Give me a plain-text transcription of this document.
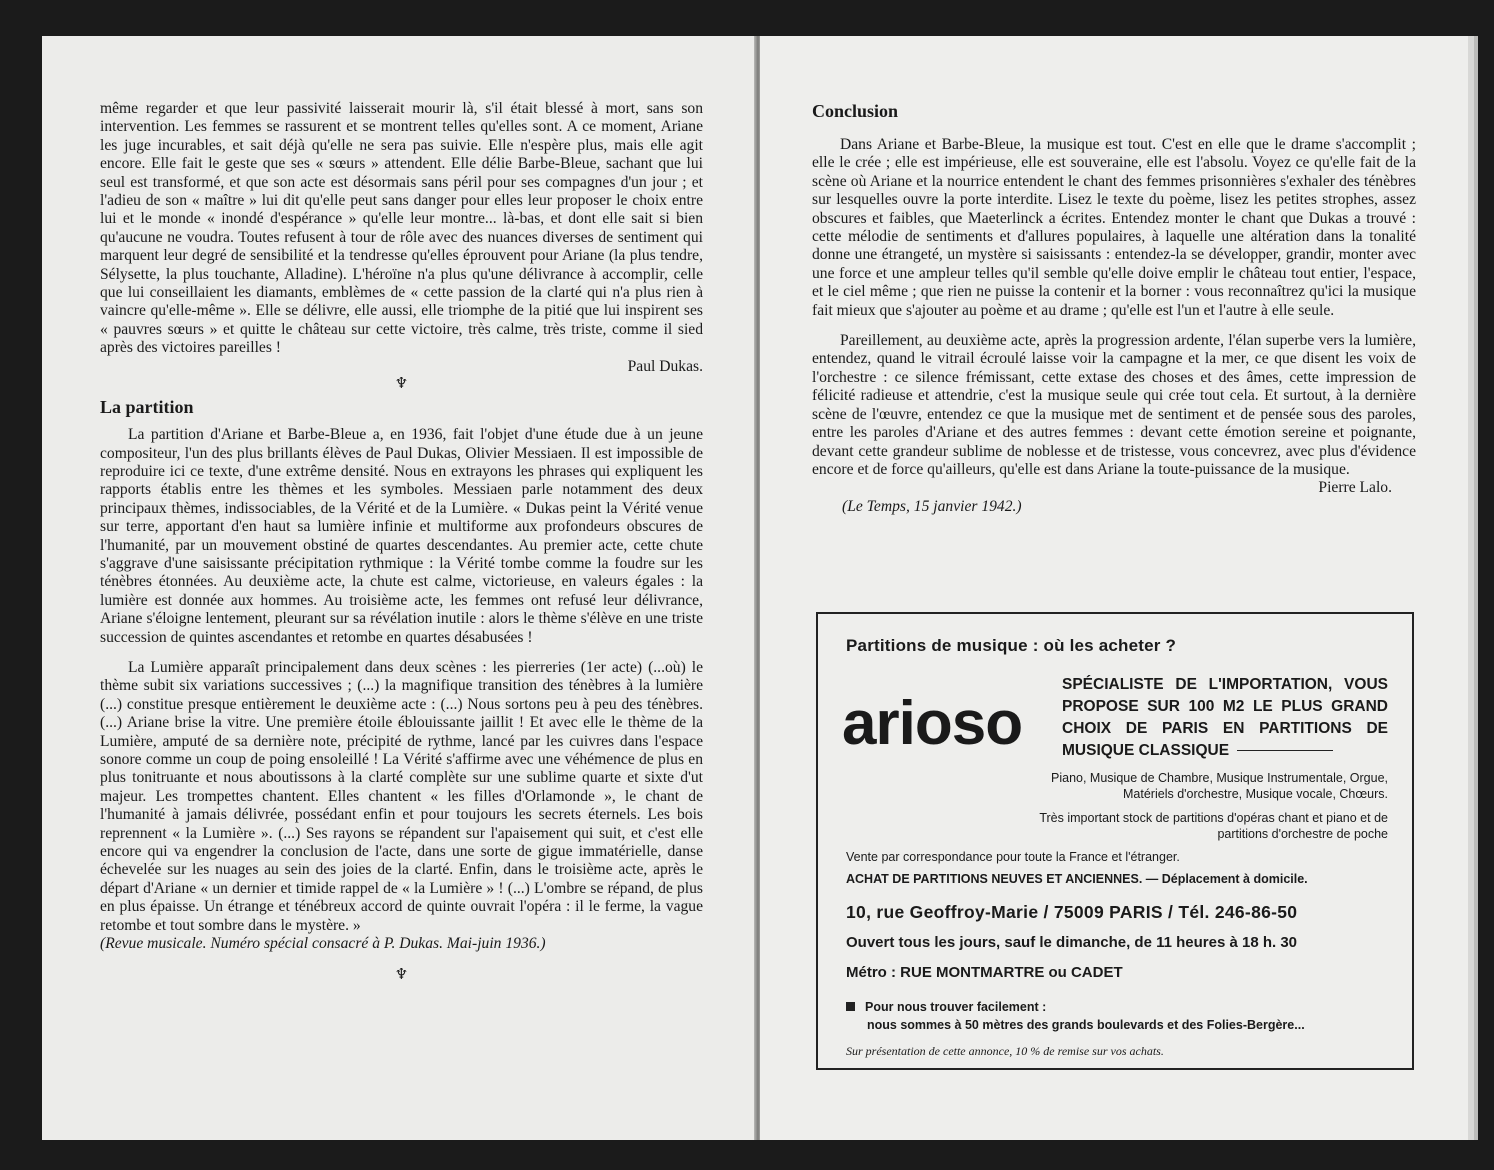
même regarder et que leur passivité laisserait mourir là, s'il était blessé à mort, sans son intervention. Les femmes se rassurent et se montrent telles qu'elles sont. A ce moment, Ariane les juge incurables, et sait déjà qu'elle ne sera pas suivie. Elle n'espère plus, mais elle agit encore. Elle fait le geste que ses « sœurs » attendent. Elle délie Barbe-Bleue, sachant que lui seul est transformé, et que son acte est désormais sans péril pour ses compagnes d'un jour ; et l'adieu de son « maître » lui dit qu'elle peut sans danger pour elles leur proposer le choix entre lui et le monde « inondé d'espérance » qu'elle leur montre... là-bas, et dont elle sait si bien qu'aucune ne voudra. Toutes refusent à tour de rôle avec des nuances diverses de sentiment qui marquent leur degré de sensibilité et la tendresse qu'elles éprouvent pour Ariane (la plus tendre, Sélysette, la plus touchante, Alladine). L'héroïne n'a plus qu'une délivrance à accomplir, celle que lui conseillaient les diamants, emblèmes de « cette passion de la clarté qui n'a plus rien à vaincre qu'elle-même ». Elle se délivre, elle aussi, elle triomphe de la pitié que lui inspirent ses « pauvres sœurs » et quitte le château sur cette victoire, très calme, très triste, comme il sied après des victoires pareilles !

Paul Dukas.

♆
La partition

La partition d'Ariane et Barbe-Bleue a, en 1936, fait l'objet d'une étude due à un jeune compositeur, l'un des plus brillants élèves de Paul Dukas, Olivier Messiaen. Il est impossible de reproduire ici ce texte, d'une extrême densité. Nous en extrayons les phrases qui expliquent les rapports établis entre les thèmes et les symboles. Messiaen parle notamment des deux principaux thèmes, indissociables, de la Vérité et de la Lumière. « Dukas peint la Vérité venue sur terre, apportant d'en haut sa lumière infinie et multiforme aux profondeurs obscures de l'humanité, par un mouvement obstiné de quartes descendantes. Au premier acte, cette chute s'aggrave d'une saisissante précipitation rythmique : la Vérité tombe comme la foudre sur les ténèbres étonnées. Au deuxième acte, la chute est calme, victorieuse, en valeurs égales : la lumière est donnée aux hommes. Au troisième acte, les femmes ont refusé leur délivrance, Ariane s'éloigne lentement, pleurant sur sa révélation inutile : alors le thème s'élève en une triste succession de quintes ascendantes et retombe en quartes désabusées !

La Lumière apparaît principalement dans deux scènes : les pierreries (1er acte) (...où) le thème subit six variations successives ; (...) la magnifique transition des ténèbres à la lumière (...) constitue presque entièrement le deuxième acte : (...) Nous sortons peu à peu des ténèbres. (...) Ariane brise la vitre. Une première étoile éblouissante jaillit ! Et avec elle le thème de la Lumière, amputé de sa dernière note, précipité de rythme, lancé par les cuivres dans l'espace sonore comme un coup de poing ensoleillé ! La Vérité s'affirme avec une véhémence de plus en plus tonitruante et nous aboutissons à la clarté complète sur une sublime quarte et sixte d'ut majeur. Les trompettes chantent. Elles chantent « les filles d'Orlamonde », le chant de l'humanité à jamais délivrée, possédant enfin et pour toujours les secrets éternels. Les bois reprennent « la Lumière ». (...) Ses rayons se répandent sur l'apaisement qui suit, et c'est elle encore qui va engendrer la conclusion de l'acte, dans une sorte de gigue immatérielle, danse échevelée sur les nuages au sein des joies de la clarté. Enfin, dans le troisième acte, après le départ d'Ariane « un dernier et timide rappel de « la Lumière » ! (...) L'ombre se répand, de plus en plus épaisse. Un étrange et ténébreux accord de quinte ouvrait l'opéra : il le ferme, la vague retombe et tout sombre dans le mystère. »

(Revue musicale. Numéro spécial consacré à P. Dukas. Mai-juin 1936.)

♆
Conclusion

Dans Ariane et Barbe-Bleue, la musique est tout. C'est en elle que le drame s'accomplit ; elle le crée ; elle est impérieuse, elle est souveraine, elle est l'absolu. Voyez ce qu'elle fait de la scène où Ariane et la nourrice entendent le chant des femmes prisonnières s'exhaler des ténèbres sur lesquelles ouvre la porte interdite. Lisez le texte du poème, lisez les petites strophes, assez obscures et faibles, que Maeterlinck a écrites. Entendez monter le chant que Dukas a trouvé : cette mélodie de sentiments et d'allures populaires, à laquelle une altération dans la tonalité donne une étrangeté, un mystère si saisissants : entendez-la se développer, grandir, monter avec une force et une ampleur telles qu'il semble qu'elle doive emplir le château tout entier, l'espace, et le ciel même ; que rien ne puisse la contenir et la borner : vous reconnaîtrez qu'ici la musique fait mieux que s'ajouter au poème et au drame ; qu'elle est l'un et l'autre à elle seule.

Pareillement, au deuxième acte, après la progression ardente, l'élan superbe vers la lumière, entendez, quand le vitrail écroulé laisse voir la campagne et la mer, ce que disent les voix de l'orchestre : ce silence frémissant, cette extase des choses et des âmes, cette impression de félicité radieuse et attendrie, c'est la musique seule qui crée tout cela. Et surtout, à la dernière scène de l'œuvre, entendez ce que la musique met de sentiment et de pensée sous des paroles, entre les paroles d'Ariane et des autres femmes : devant cette émotion sereine et poignante, devant cette grandeur sublime de noblesse et de tristesse, vous concevrez, avec plus d'évidence encore et de force qu'ailleurs, qu'elle est dans Ariane la toute-puissance de la musique.

Pierre Lalo.

(Le Temps, 15 janvier 1942.)

Partitions de musique : où les acheter ?
arioso
SPÉCIALISTE DE L'IMPORTATION, VOUS PROPOSE SUR 100 M2 LE PLUS GRAND CHOIX DE PARIS EN PARTITIONS DE MUSIQUE CLASSIQUE
Piano, Musique de Chambre, Musique Instrumentale, Orgue, Matériels d'orchestre, Musique vocale, Chœurs.
Très important stock de partitions d'opéras chant et piano et de partitions d'orchestre de poche
Vente par correspondance pour toute la France et l'étranger.
ACHAT DE PARTITIONS NEUVES ET ANCIENNES. — Déplacement à domicile.
10, rue Geoffroy-Marie / 75009 PARIS / Tél. 246-86-50
Ouvert tous les jours, sauf le dimanche, de 11 heures à 18 h. 30
Métro : RUE MONTMARTRE ou CADET
Pour nous trouver facilement :
nous sommes à 50 mètres des grands boulevards et des Folies-Bergère...
Sur présentation de cette annonce, 10 % de remise sur vos achats.
